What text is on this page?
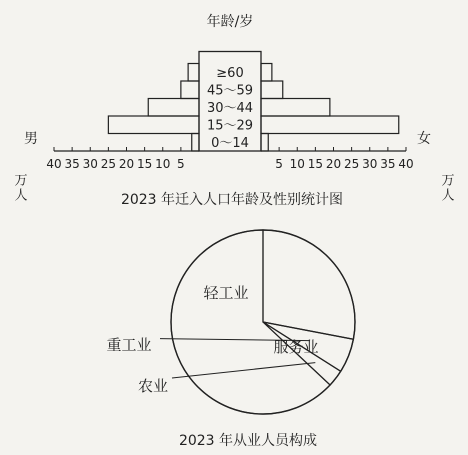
年龄/岁
男
万人
女
万人
2023 年迁入人口年龄及性别统计图
2023 年从业人员构成
0～14
15～29
30～44
45～59
≥60
40 35 30 25 20 15 10 5	5 10 15 20 25 30 35 40
轻工业
服务业
重工业
农业
